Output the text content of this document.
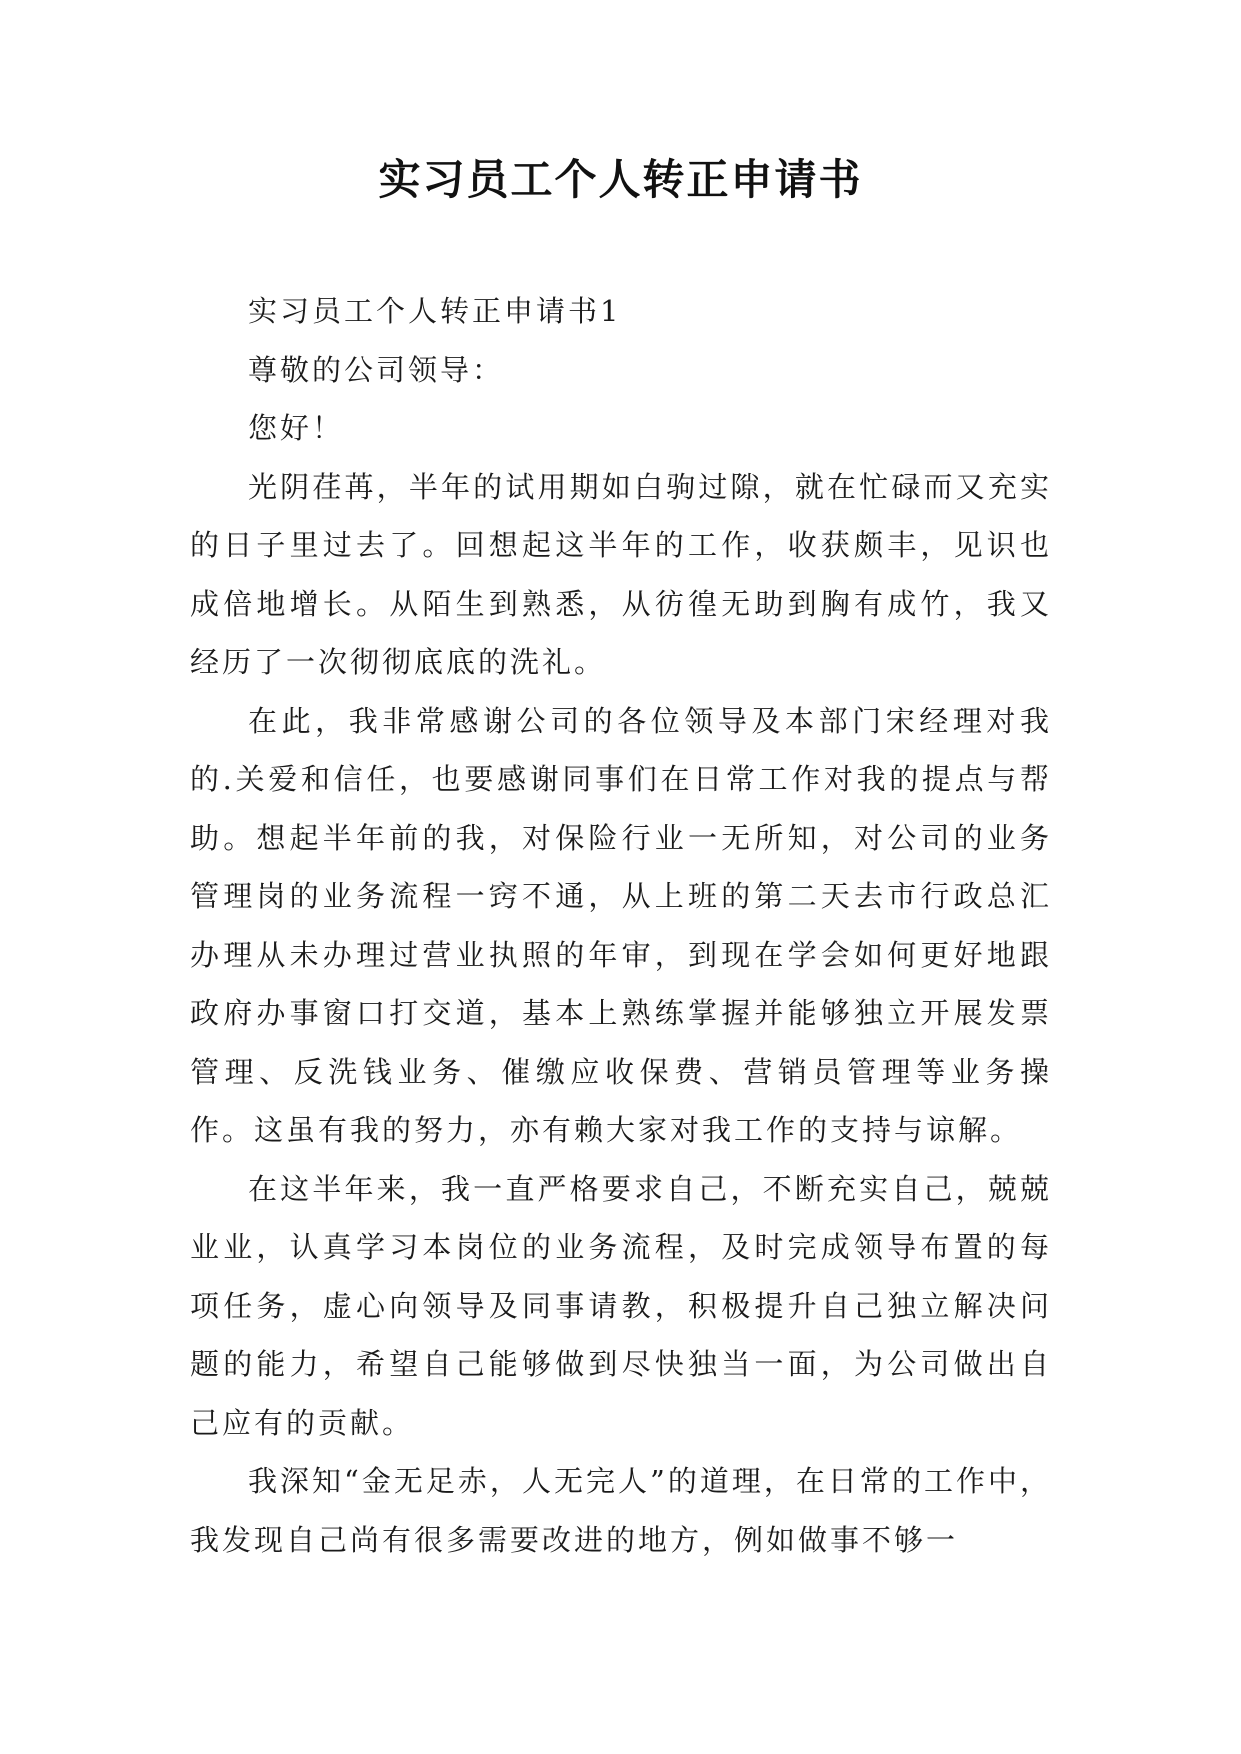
实习员工个人转正申请书

实习员工个人转正申请书1

尊敬的公司领导：

您好！

光阴荏苒，半年的试用期如白驹过隙，就在忙碌而又充实的日子里过去了。回想起这半年的工作，收获颇丰，见识也成倍地增长。从陌生到熟悉，从彷徨无助到胸有成竹，我又经历了一次彻彻底底的洗礼。

在此，我非常感谢公司的各位领导及本部门宋经理对我的.关爱和信任，也要感谢同事们在日常工作对我的提点与帮助。想起半年前的我，对保险行业一无所知，对公司的业务管理岗的业务流程一窍不通，从上班的第二天去市行政总汇办理从未办理过营业执照的年审，到现在学会如何更好地跟政府办事窗口打交道，基本上熟练掌握并能够独立开展发票管理、反洗钱业务、催缴应收保费、营销员管理等业务操作。这虽有我的努力，亦有赖大家对我工作的支持与谅解。

在这半年来，我一直严格要求自己，不断充实自己，兢兢业业，认真学习本岗位的业务流程，及时完成领导布置的每项任务，虚心向领导及同事请教，积极提升自己独立解决问题的能力，希望自己能够做到尽快独当一面，为公司做出自己应有的贡献。

我深知“金无足赤，人无完人”的道理，在日常的工作中，我发现自己尚有很多需要改进的地方，例如做事不够一
